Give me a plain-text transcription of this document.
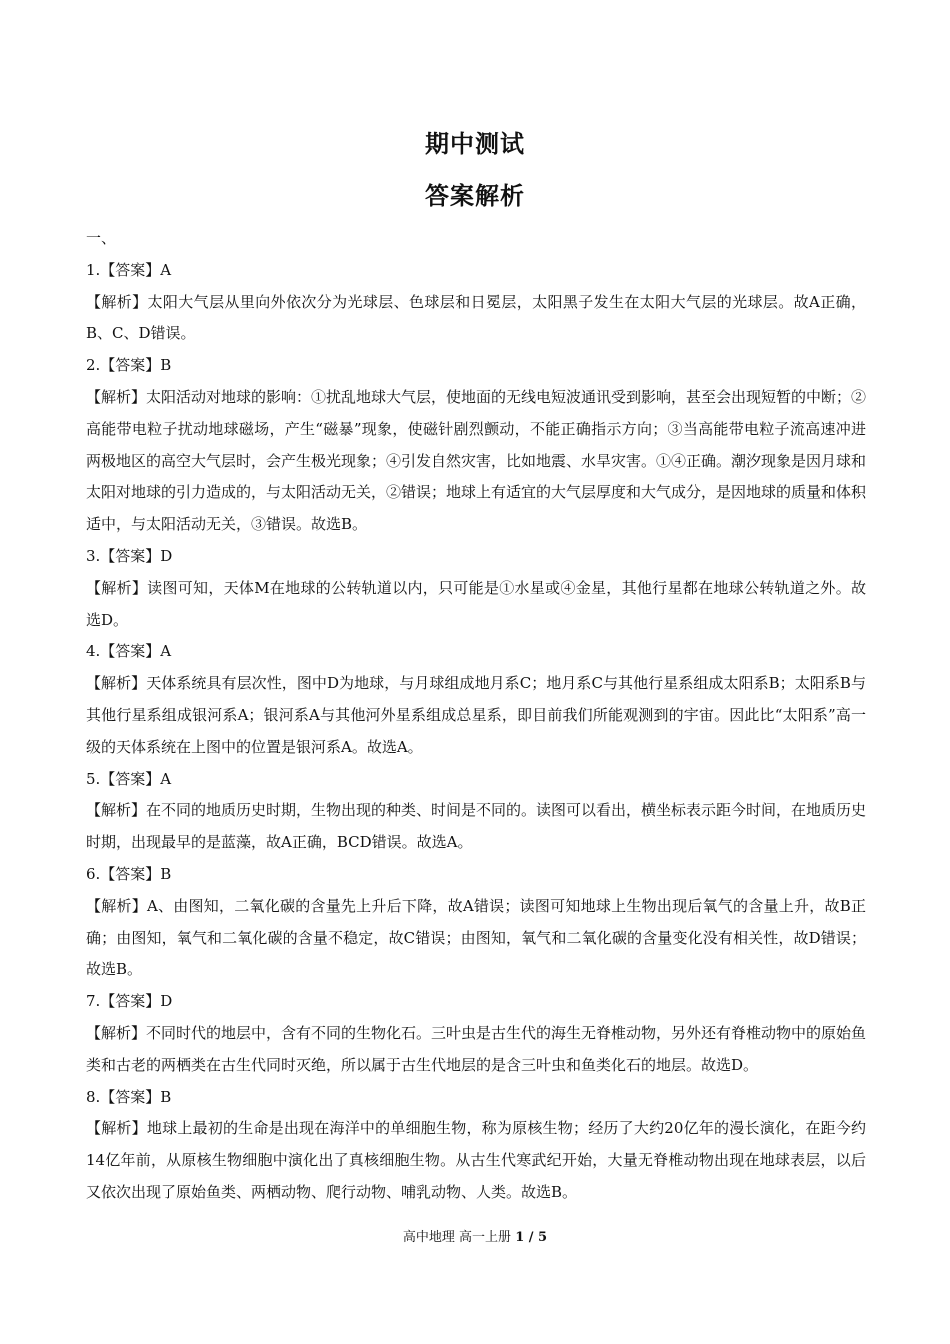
期中测试
答案解析

一、

1.【答案】A

【解析】太阳大气层从里向外依次分为光球层、色球层和日冕层，太阳黑子发生在太阳大气层的光球层。故A正确，B、C、D错误。

2.【答案】B

【解析】太阳活动对地球的影响：①扰乱地球大气层，使地面的无线电短波通讯受到影响，甚至会出现短暂的中断；②高能带电粒子扰动地球磁场，产生“磁暴”现象，使磁针剧烈颤动，不能正确指示方向；③当高能带电粒子流高速冲进两极地区的高空大气层时，会产生极光现象；④引发自然灾害，比如地震、水旱灾害。①④正确。潮汐现象是因月球和太阳对地球的引力造成的，与太阳活动无关，②错误；地球上有适宜的大气层厚度和大气成分，是因地球的质量和体积适中，与太阳活动无关，③错误。故选B。

3.【答案】D

【解析】读图可知，天体M在地球的公转轨道以内，只可能是①水星或④金星，其他行星都在地球公转轨道之外。故选D。

4.【答案】A

【解析】天体系统具有层次性，图中D为地球，与月球组成地月系C；地月系C与其他行星系组成太阳系B；太阳系B与其他行星系组成银河系A；银河系A与其他河外星系组成总星系，即目前我们所能观测到的宇宙。因此比“太阳系”高一级的天体系统在上图中的位置是银河系A。故选A。

5.【答案】A

【解析】在不同的地质历史时期，生物出现的种类、时间是不同的。读图可以看出，横坐标表示距今时间，在地质历史时期，出现最早的是蓝藻，故A正确，BCD错误。故选A。

6.【答案】B

【解析】A、由图知，二氧化碳的含量先上升后下降，故A错误；读图可知地球上生物出现后氧气的含量上升，故B正确；由图知，氧气和二氧化碳的含量不稳定，故C错误；由图知，氧气和二氧化碳的含量变化没有相关性，故D错误；故选B。

7.【答案】D

【解析】不同时代的地层中，含有不同的生物化石。三叶虫是古生代的海生无脊椎动物，另外还有脊椎动物中的原始鱼类和古老的两栖类在古生代同时灭绝，所以属于古生代地层的是含三叶虫和鱼类化石的地层。故选D。

8.【答案】B

【解析】地球上最初的生命是出现在海洋中的单细胞生物，称为原核生物；经历了大约20亿年的漫长演化，在距今约14亿年前，从原核生物细胞中演化出了真核细胞生物。从古生代寒武纪开始，大量无脊椎动物出现在地球表层，以后又依次出现了原始鱼类、两栖动物、爬行动物、哺乳动物、人类。故选B。

高中地理 高一上册 1 / 5
